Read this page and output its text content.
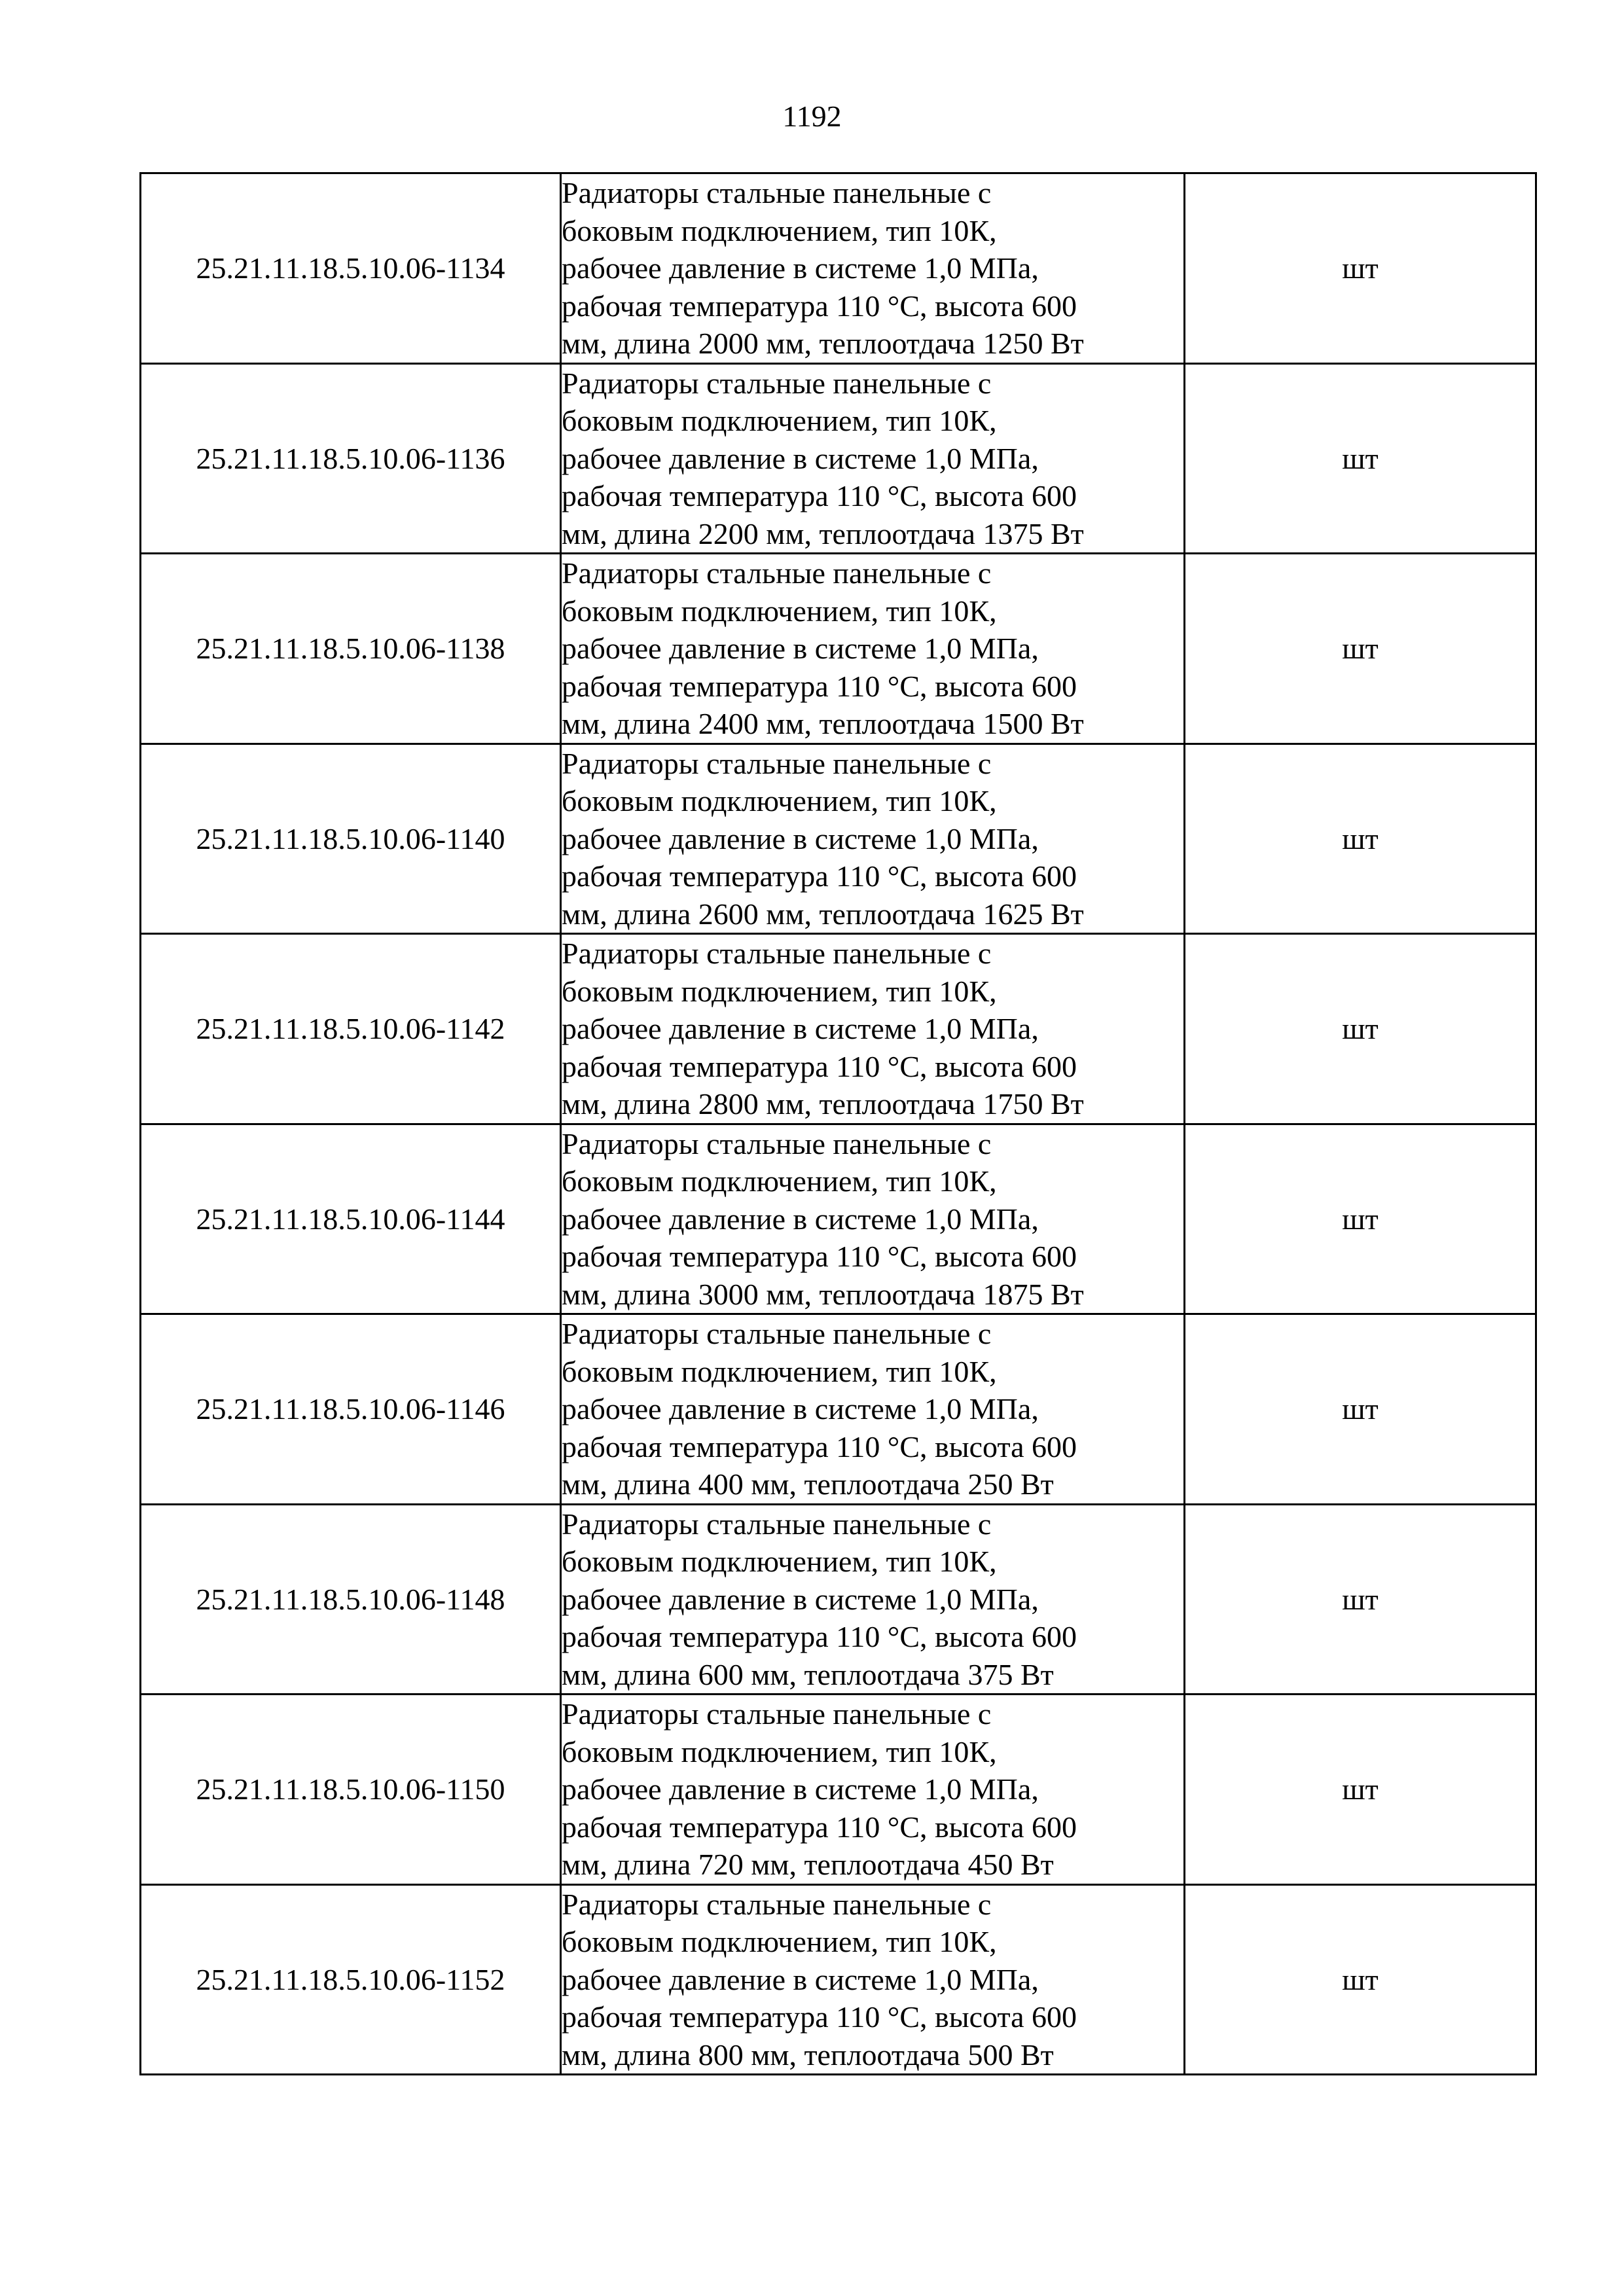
1192
25.21.11.18.5.10.06-1134	Радиаторы стальные панельные с
боковым подключением, тип 10К,
рабочее давление в системе 1,0 МПа,
рабочая температура 110 °С, высота 600
мм, длина 2000 мм, теплоотдача 1250 Вт	шт
25.21.11.18.5.10.06-1136	Радиаторы стальные панельные с
боковым подключением, тип 10К,
рабочее давление в системе 1,0 МПа,
рабочая температура 110 °С, высота 600
мм, длина 2200 мм, теплоотдача 1375 Вт	шт
25.21.11.18.5.10.06-1138	Радиаторы стальные панельные с
боковым подключением, тип 10К,
рабочее давление в системе 1,0 МПа,
рабочая температура 110 °С, высота 600
мм, длина 2400 мм, теплоотдача 1500 Вт	шт
25.21.11.18.5.10.06-1140	Радиаторы стальные панельные с
боковым подключением, тип 10К,
рабочее давление в системе 1,0 МПа,
рабочая температура 110 °С, высота 600
мм, длина 2600 мм, теплоотдача 1625 Вт	шт
25.21.11.18.5.10.06-1142	Радиаторы стальные панельные с
боковым подключением, тип 10К,
рабочее давление в системе 1,0 МПа,
рабочая температура 110 °С, высота 600
мм, длина 2800 мм, теплоотдача 1750 Вт	шт
25.21.11.18.5.10.06-1144	Радиаторы стальные панельные с
боковым подключением, тип 10К,
рабочее давление в системе 1,0 МПа,
рабочая температура 110 °С, высота 600
мм, длина 3000 мм, теплоотдача 1875 Вт	шт
25.21.11.18.5.10.06-1146	Радиаторы стальные панельные с
боковым подключением, тип 10К,
рабочее давление в системе 1,0 МПа,
рабочая температура 110 °С, высота 600
мм, длина 400 мм, теплоотдача 250 Вт	шт
25.21.11.18.5.10.06-1148	Радиаторы стальные панельные с
боковым подключением, тип 10К,
рабочее давление в системе 1,0 МПа,
рабочая температура 110 °С, высота 600
мм, длина 600 мм, теплоотдача 375 Вт	шт
25.21.11.18.5.10.06-1150	Радиаторы стальные панельные с
боковым подключением, тип 10К,
рабочее давление в системе 1,0 МПа,
рабочая температура 110 °С, высота 600
мм, длина 720 мм, теплоотдача 450 Вт	шт
25.21.11.18.5.10.06-1152	Радиаторы стальные панельные с
боковым подключением, тип 10К,
рабочее давление в системе 1,0 МПа,
рабочая температура 110 °С, высота 600
мм, длина 800 мм, теплоотдача 500 Вт	шт
